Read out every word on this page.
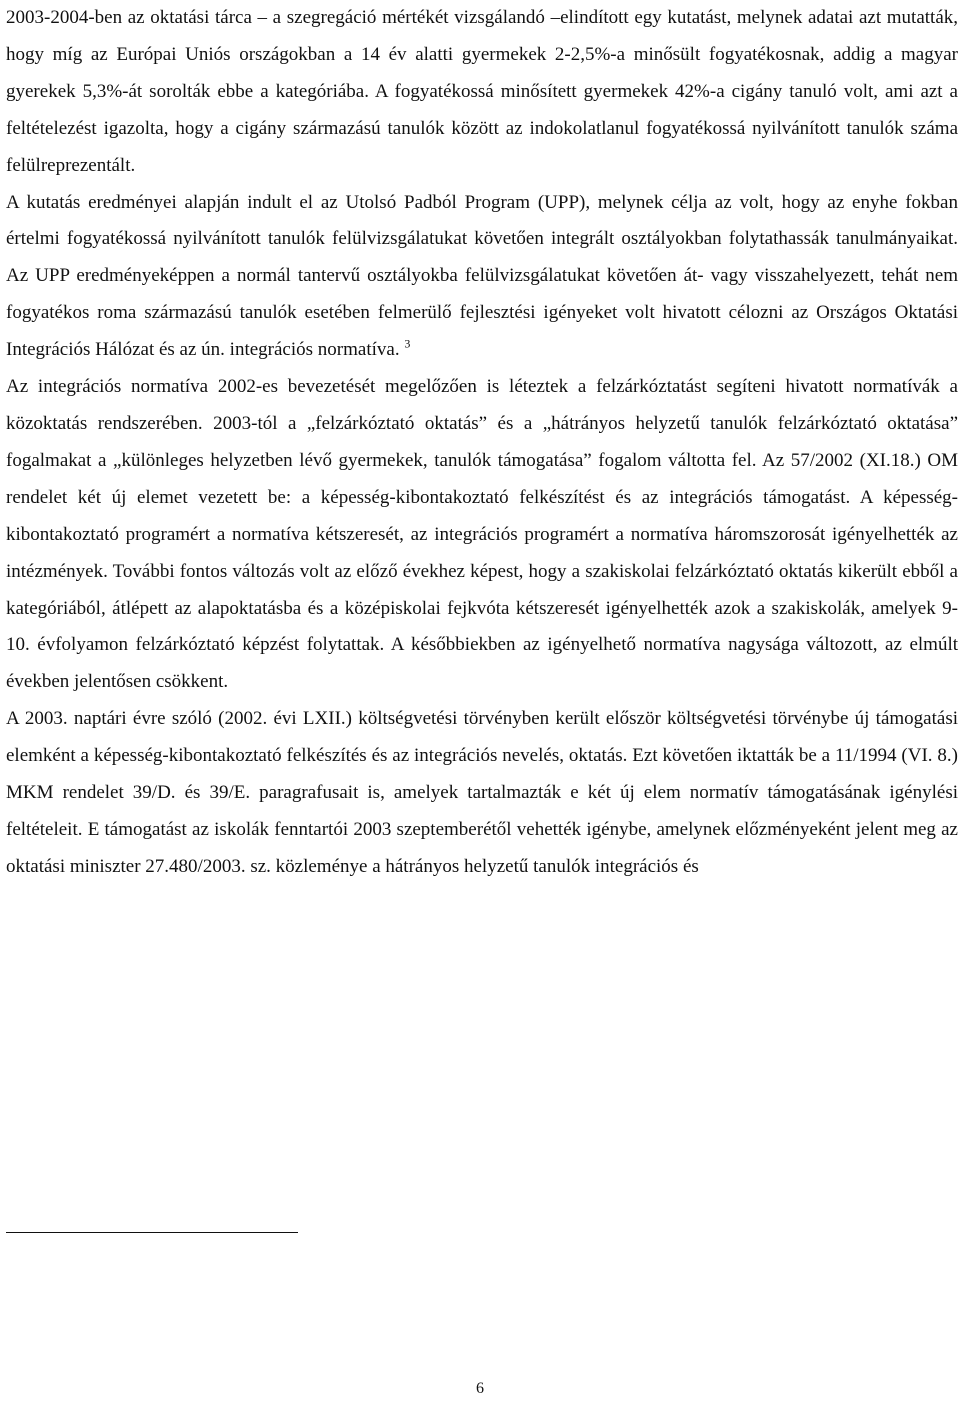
2003-2004-ben az oktatási tárca – a szegregáció mértékét vizsgálandó –elindított egy kutatást, melynek adatai azt mutatták, hogy míg az Európai Uniós országokban a 14 év alatti gyermekek 2-2,5%-a minősült fogyatékosnak, addig a magyar gyerekek 5,3%-át sorolták ebbe a kategóriába. A fogyatékossá minősített gyermekek 42%-a cigány tanuló volt, ami azt a feltételezést igazolta, hogy a cigány származású tanulók között az indokolatlanul fogyatékossá nyilvánított tanulók száma felülreprezentált.

A kutatás eredményei alapján indult el az Utolsó Padból Program (UPP), melynek célja az volt, hogy az enyhe fokban értelmi fogyatékossá nyilvánított tanulók felülvizsgálatukat követően integrált osztályokban folytathassák tanulmányaikat. Az UPP eredményeképpen a normál tantervű osztályokba felülvizsgálatukat követően át- vagy visszahelyezett, tehát nem fogyatékos roma származású tanulók esetében felmerülő fejlesztési igényeket volt hivatott célozni az Országos Oktatási Integrációs Hálózat és az ún. integrációs normatíva. $^3$

Az integrációs normatíva 2002-es bevezetését megelőzően is léteztek a felzárkóztatást segíteni hivatott normatívák a közoktatás rendszerében. 2003-tól a „felzárkóztató oktatás” és a „hátrányos helyzetű tanulók felzárkóztató oktatása” fogalmakat a „különleges helyzetben lévő gyermekek, tanulók támogatása” fogalom váltotta fel. Az 57/2002 (XI.18.) OM rendelet két új elemet vezetett be: a képesség-kibontakoztató felkészítést és az integrációs támogatást. A képesség-kibontakoztató programért a normatíva kétszeresét, az integrációs programért a normatíva háromszorosát igényelhették az intézmények. További fontos változás volt az előző évekhez képest, hogy a szakiskolai felzárkóztató oktatás kikerült ebből a kategóriából, átlépett az alapoktatásba és a középiskolai fejkvóta kétszeresét igényelhették azok a szakiskolák, amelyek 9-10. évfolyamon felzárkóztató képzést folytattak. A későbbiekben az igényelhető normatíva nagysága változott, az elmúlt években jelentősen csökkent.

A 2003. naptári évre szóló (2002. évi LXII.) költségvetési törvényben került először költségvetési törvénybe új támogatási elemként a képesség-kibontakoztató felkészítés és az integrációs nevelés, oktatás. Ezt követően iktatták be a 11/1994 (VI. 8.) MKM rendelet 39/D. és 39/E. paragrafusait is, amelyek tartalmazták e két új elem normatív támogatásának igénylési feltételeit. E támogatást az iskolák fenntartói 2003 szeptemberétől vehették igénybe, amelynek előzményeként jelent meg az oktatási miniszter 27.480/2003. sz. közleménye a hátrányos helyzetű tanulók integrációs és

6
